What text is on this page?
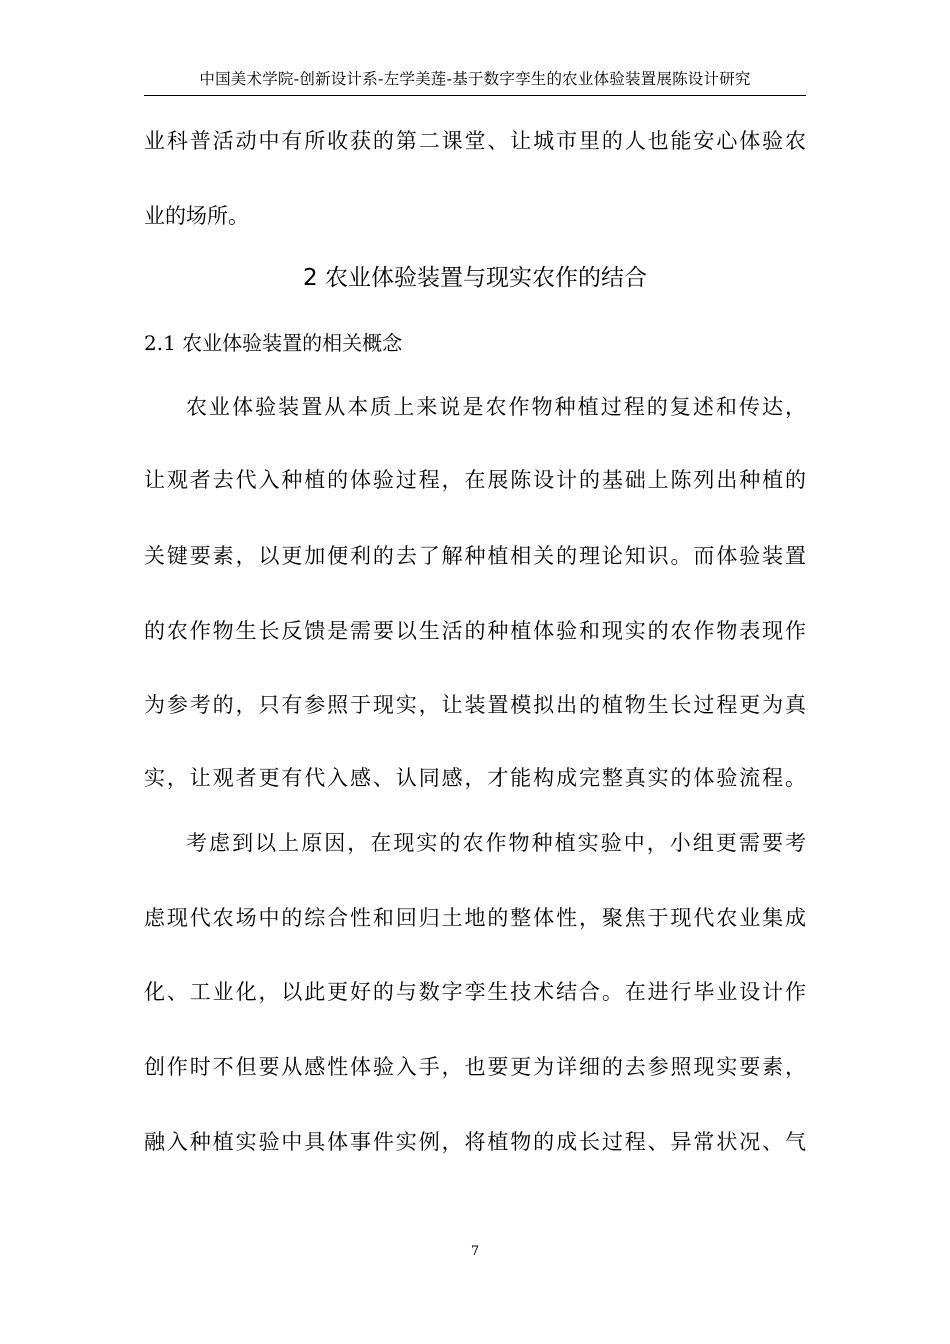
中国美术学院-创新设计系-左学美莲-基于数字孪生的农业体验装置展陈设计研究
业科普活动中有所收获的第二课堂、让城市里的人也能安心体验农
业的场所。
2 农业体验装置与现实农作的结合
2.1 农业体验装置的相关概念
农业体验装置从本质上来说是农作物种植过程的复述和传达，
让观者去代入种植的体验过程，在展陈设计的基础上陈列出种植的
关键要素，以更加便利的去了解种植相关的理论知识。而体验装置
的农作物生长反馈是需要以生活的种植体验和现实的农作物表现作
为参考的，只有参照于现实，让装置模拟出的植物生长过程更为真
实，让观者更有代入感、认同感，才能构成完整真实的体验流程。
考虑到以上原因，在现实的农作物种植实验中，小组更需要考
虑现代农场中的综合性和回归土地的整体性，聚焦于现代农业集成
化、工业化，以此更好的与数字孪生技术结合。在进行毕业设计作
创作时不但要从感性体验入手，也要更为详细的去参照现实要素，
融入种植实验中具体事件实例，将植物的成长过程、异常状况、气
7
